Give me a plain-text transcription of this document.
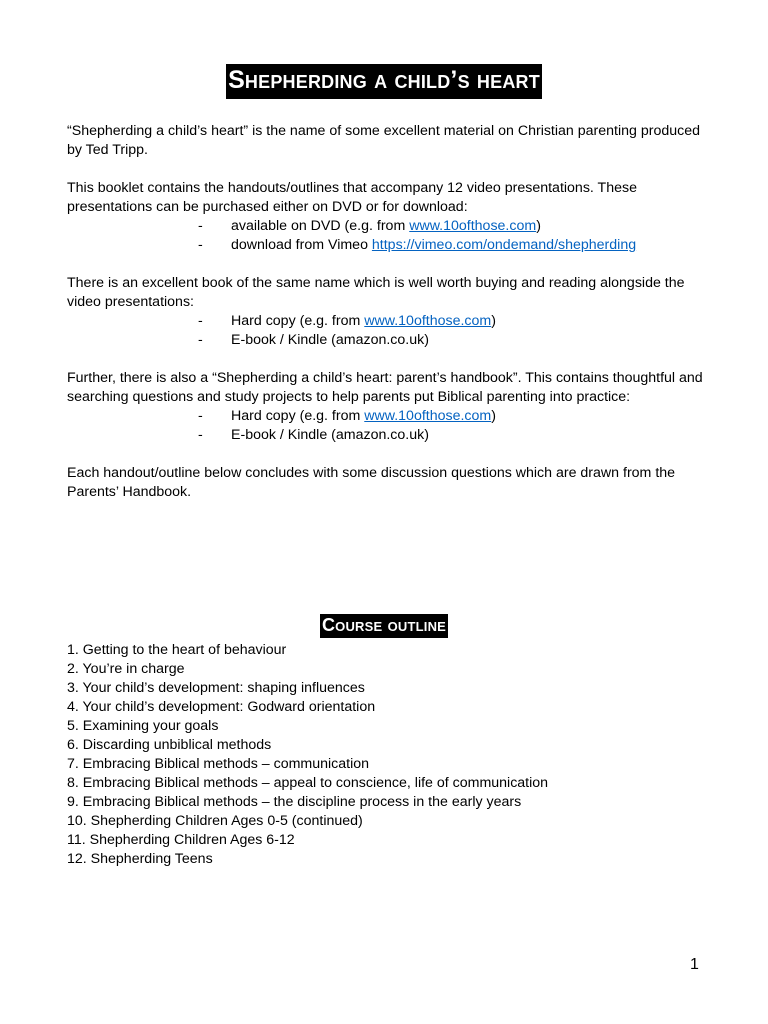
Shepherding a child’s heart

“Shepherding a child’s heart” is the name of some excellent material on Christian parenting produced by Ted Tripp.

This booklet contains the handouts/outlines that accompany 12 video presentations. These presentations can be purchased either on DVD or for download:

- available on DVD (e.g. from www.10ofthose.com)
- download from Vimeo https://vimeo.com/ondemand/shepherding

There is an excellent book of the same name which is well worth buying and reading alongside the video presentations:

- Hard copy (e.g. from www.10ofthose.com)
- E-book / Kindle (amazon.co.uk)

Further, there is also a “Shepherding a child’s heart: parent’s handbook”. This contains thoughtful and searching questions and study projects to help parents put Biblical parenting into practice:

- Hard copy (e.g. from www.10ofthose.com)
- E-book / Kindle (amazon.co.uk)

Each handout/outline below concludes with some discussion questions which are drawn from the Parents’ Handbook.

Course outline
1. Getting to the heart of behaviour
2. You’re in charge
3. Your child’s development: shaping influences
4. Your child’s development: Godward orientation
5. Examining your goals
6. Discarding unbiblical methods
7. Embracing Biblical methods – communication
8. Embracing Biblical methods – appeal to conscience, life of communication
9. Embracing Biblical methods – the discipline process in the early years
10. Shepherding Children Ages 0-5 (continued)
11. Shepherding Children Ages 6-12
12. Shepherding Teens
1
